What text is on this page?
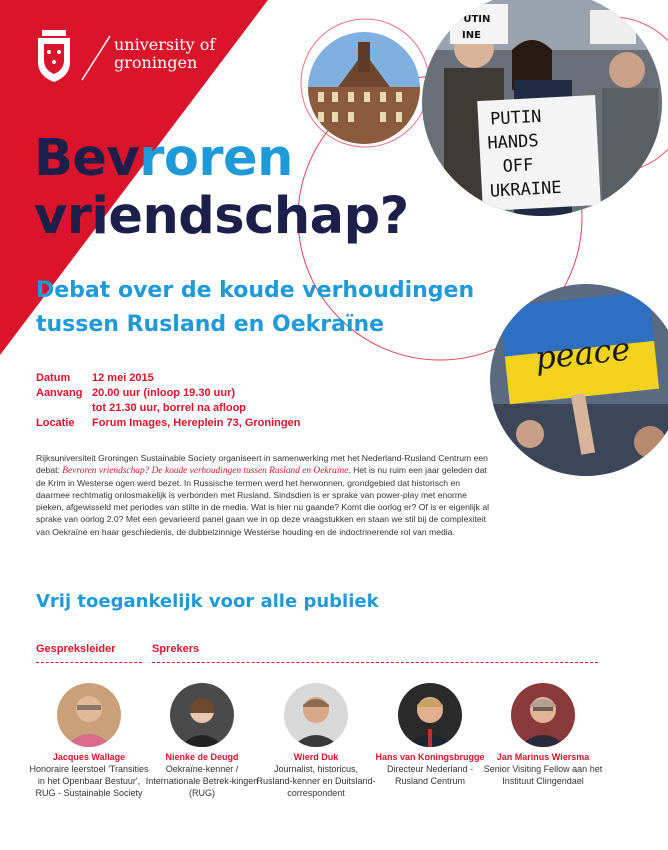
university of
groningen
PUTIN
HANDS
OFF
UKRAINE
PUTIN
INE
peace
Bevroren
vriendschap?
Debat over de koude verhoudingen
tussen Rusland en Oekraïne
Datum	12 mei 2015
Aanvang	20.00 uur (inloop 19.30 uur)
	tot 21.30 uur, borrel na afloop
Locatie	Forum Images, Hereplein 73, Groningen
Rijksuniversiteit Groningen Sustainable Society organiseert in samenwerking met het Nederland-Rusland Centrum een debat: Bevroren vriendschap? De koude verhoudingen tussen Rusland en Oekraïne. Het is nu ruim een jaar geleden dat de Krim in Westerse ogen werd bezet. In Russische termen werd het herwonnen, grondgebied dat historisch en daarmee rechtmatig onlosmakelijk is verbonden met Rusland. Sindsdien is er sprake van power-play met enorme pieken, afgewisseld met periodes van stilte in de media. Wat is hier nu gaande? Komt die oorlog er? Of is er eigenlijk al sprake van oorlog 2.0? Met een gevarieerd panel gaan we in op deze vraagstukken en staan we stil bij de complexiteit van Oekraïne en haar geschiedenis, de dubbelzinnige Westerse houding en de indoctrinerende rol van media.
Vrij toegankelijk voor alle publiek
Gespreksleider	Sprekers
Jacques Wallage
Honoraire leerstoel 'Transities in het Openbaar Bestuur', RUG - Sustainable Society
Nienke de Deugd
Oekraïne-kenner / Internationale Betrek-kingen (RUG)
Wierd Duk
Journalist, historicus, Rusland-kenner en Duitsland-correspondent
Hans van Koningsbrugge
Directeur Nederland - Rusland Centrum
Jan Marinus Wiersma
Senior Visiting Fellow aan het Instituut Clingendael
